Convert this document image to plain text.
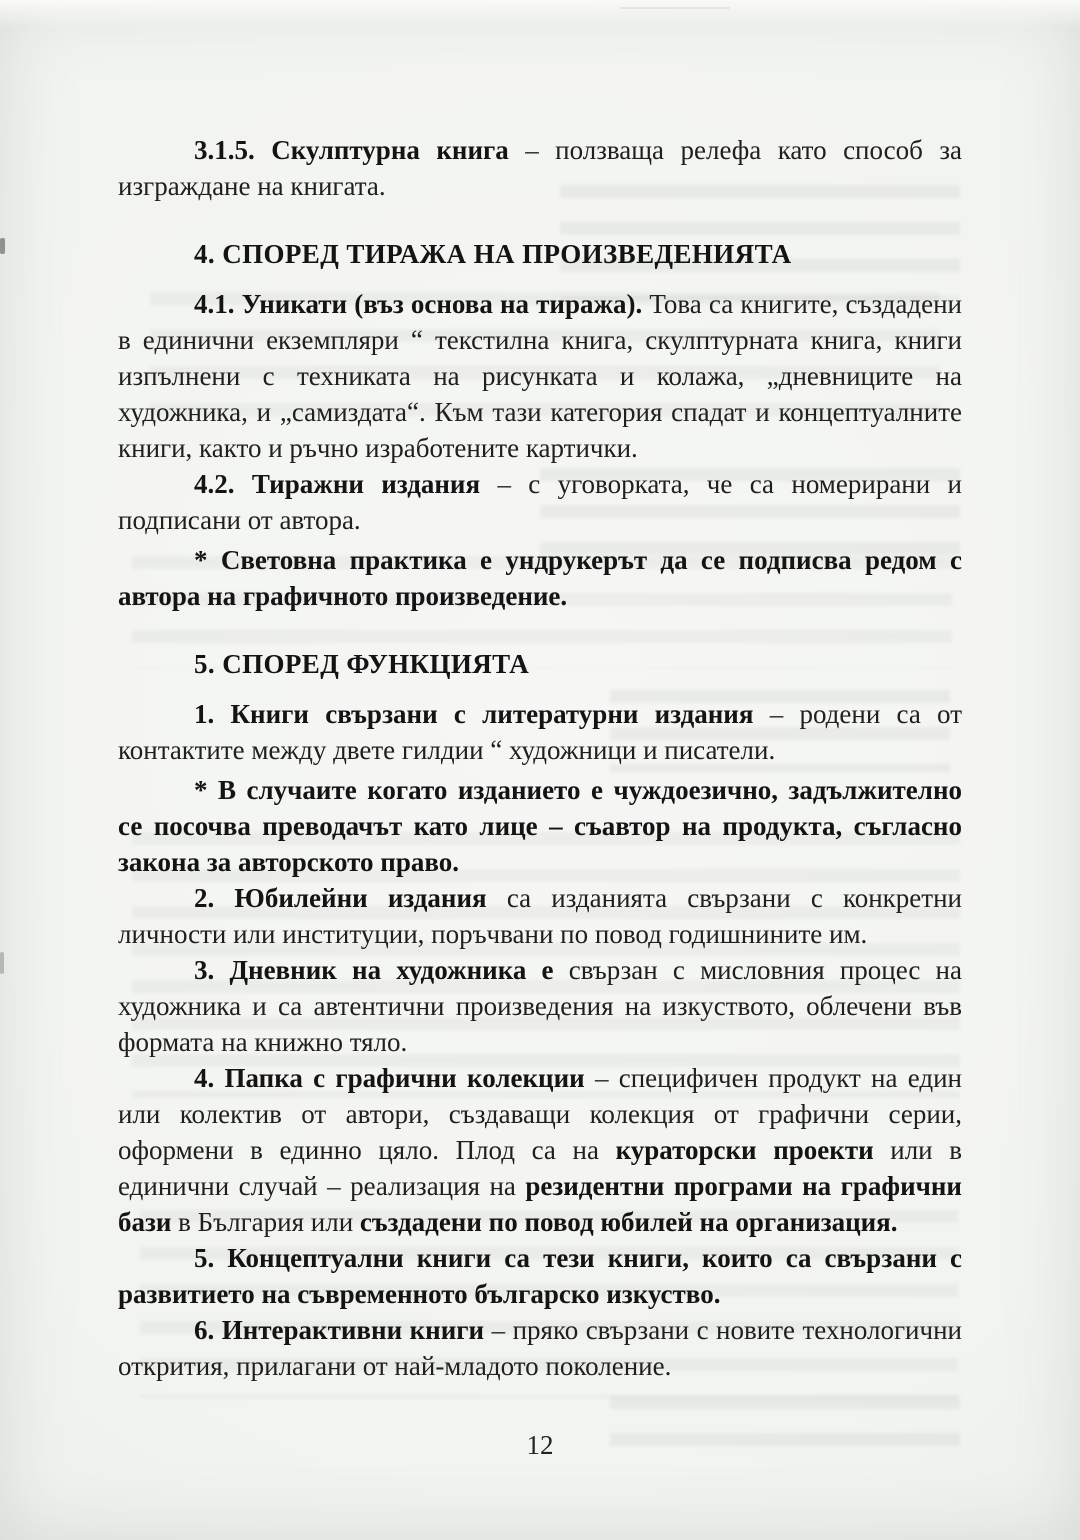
3.1.5. Скулптурна книга – ползваща релефа като способ за изграждане на книгата.

4. СПОРЕД ТИРАЖА НА ПРОИЗВЕДЕНИЯТА

4.1. Уникати (въз основа на тиража). Това са книгите, създадени в единични екземпляри “ текстилна книга, скулптурната книга, книги изпълнени с техниката на рисунката и колажа, „дневниците на художника, и „самиздата“. Към тази категория спадат и концептуалните книги, както и ръчно изработените картички.

4.2. Тиражни издания – с уговорката, че са номерирани и подписани от автора.

* Световна практика е ундрукерът да се подписва редом с автора на графичното произведение.

5. СПОРЕД ФУНКЦИЯТА

1. Книги свързани с литературни издания – родени са от контактите между двете гилдии “ художници и писатели.

* В случаите когато изданието е чуждоезично, задължително се посочва преводачът като лице – съавтор на продукта, съгласно закона за авторското право.

2. Юбилейни издания са изданията свързани с конкретни личности или институции, поръчвани по повод годишнините им.

3. Дневник на художника е свързан с мисловния процес на художника и са автентични произведения на изкуството, облечени във формата на книжно тяло.

4. Папка с графични колекции – специфичен продукт на един или колектив от автори, създаващи колекция от графични серии, оформени в единно цяло. Плод са на кураторски проекти или в единични случай – реализация на резидентни програми на графични бази в България или създадени по повод юбилей на организация.

5. Концептуални книги са тези книги, които са свързани с развитието на съвременното българско изкуство.

6. Интерактивни книги – пряко свързани с новите технологични открития, прилагани от най-младото поколение.

12
